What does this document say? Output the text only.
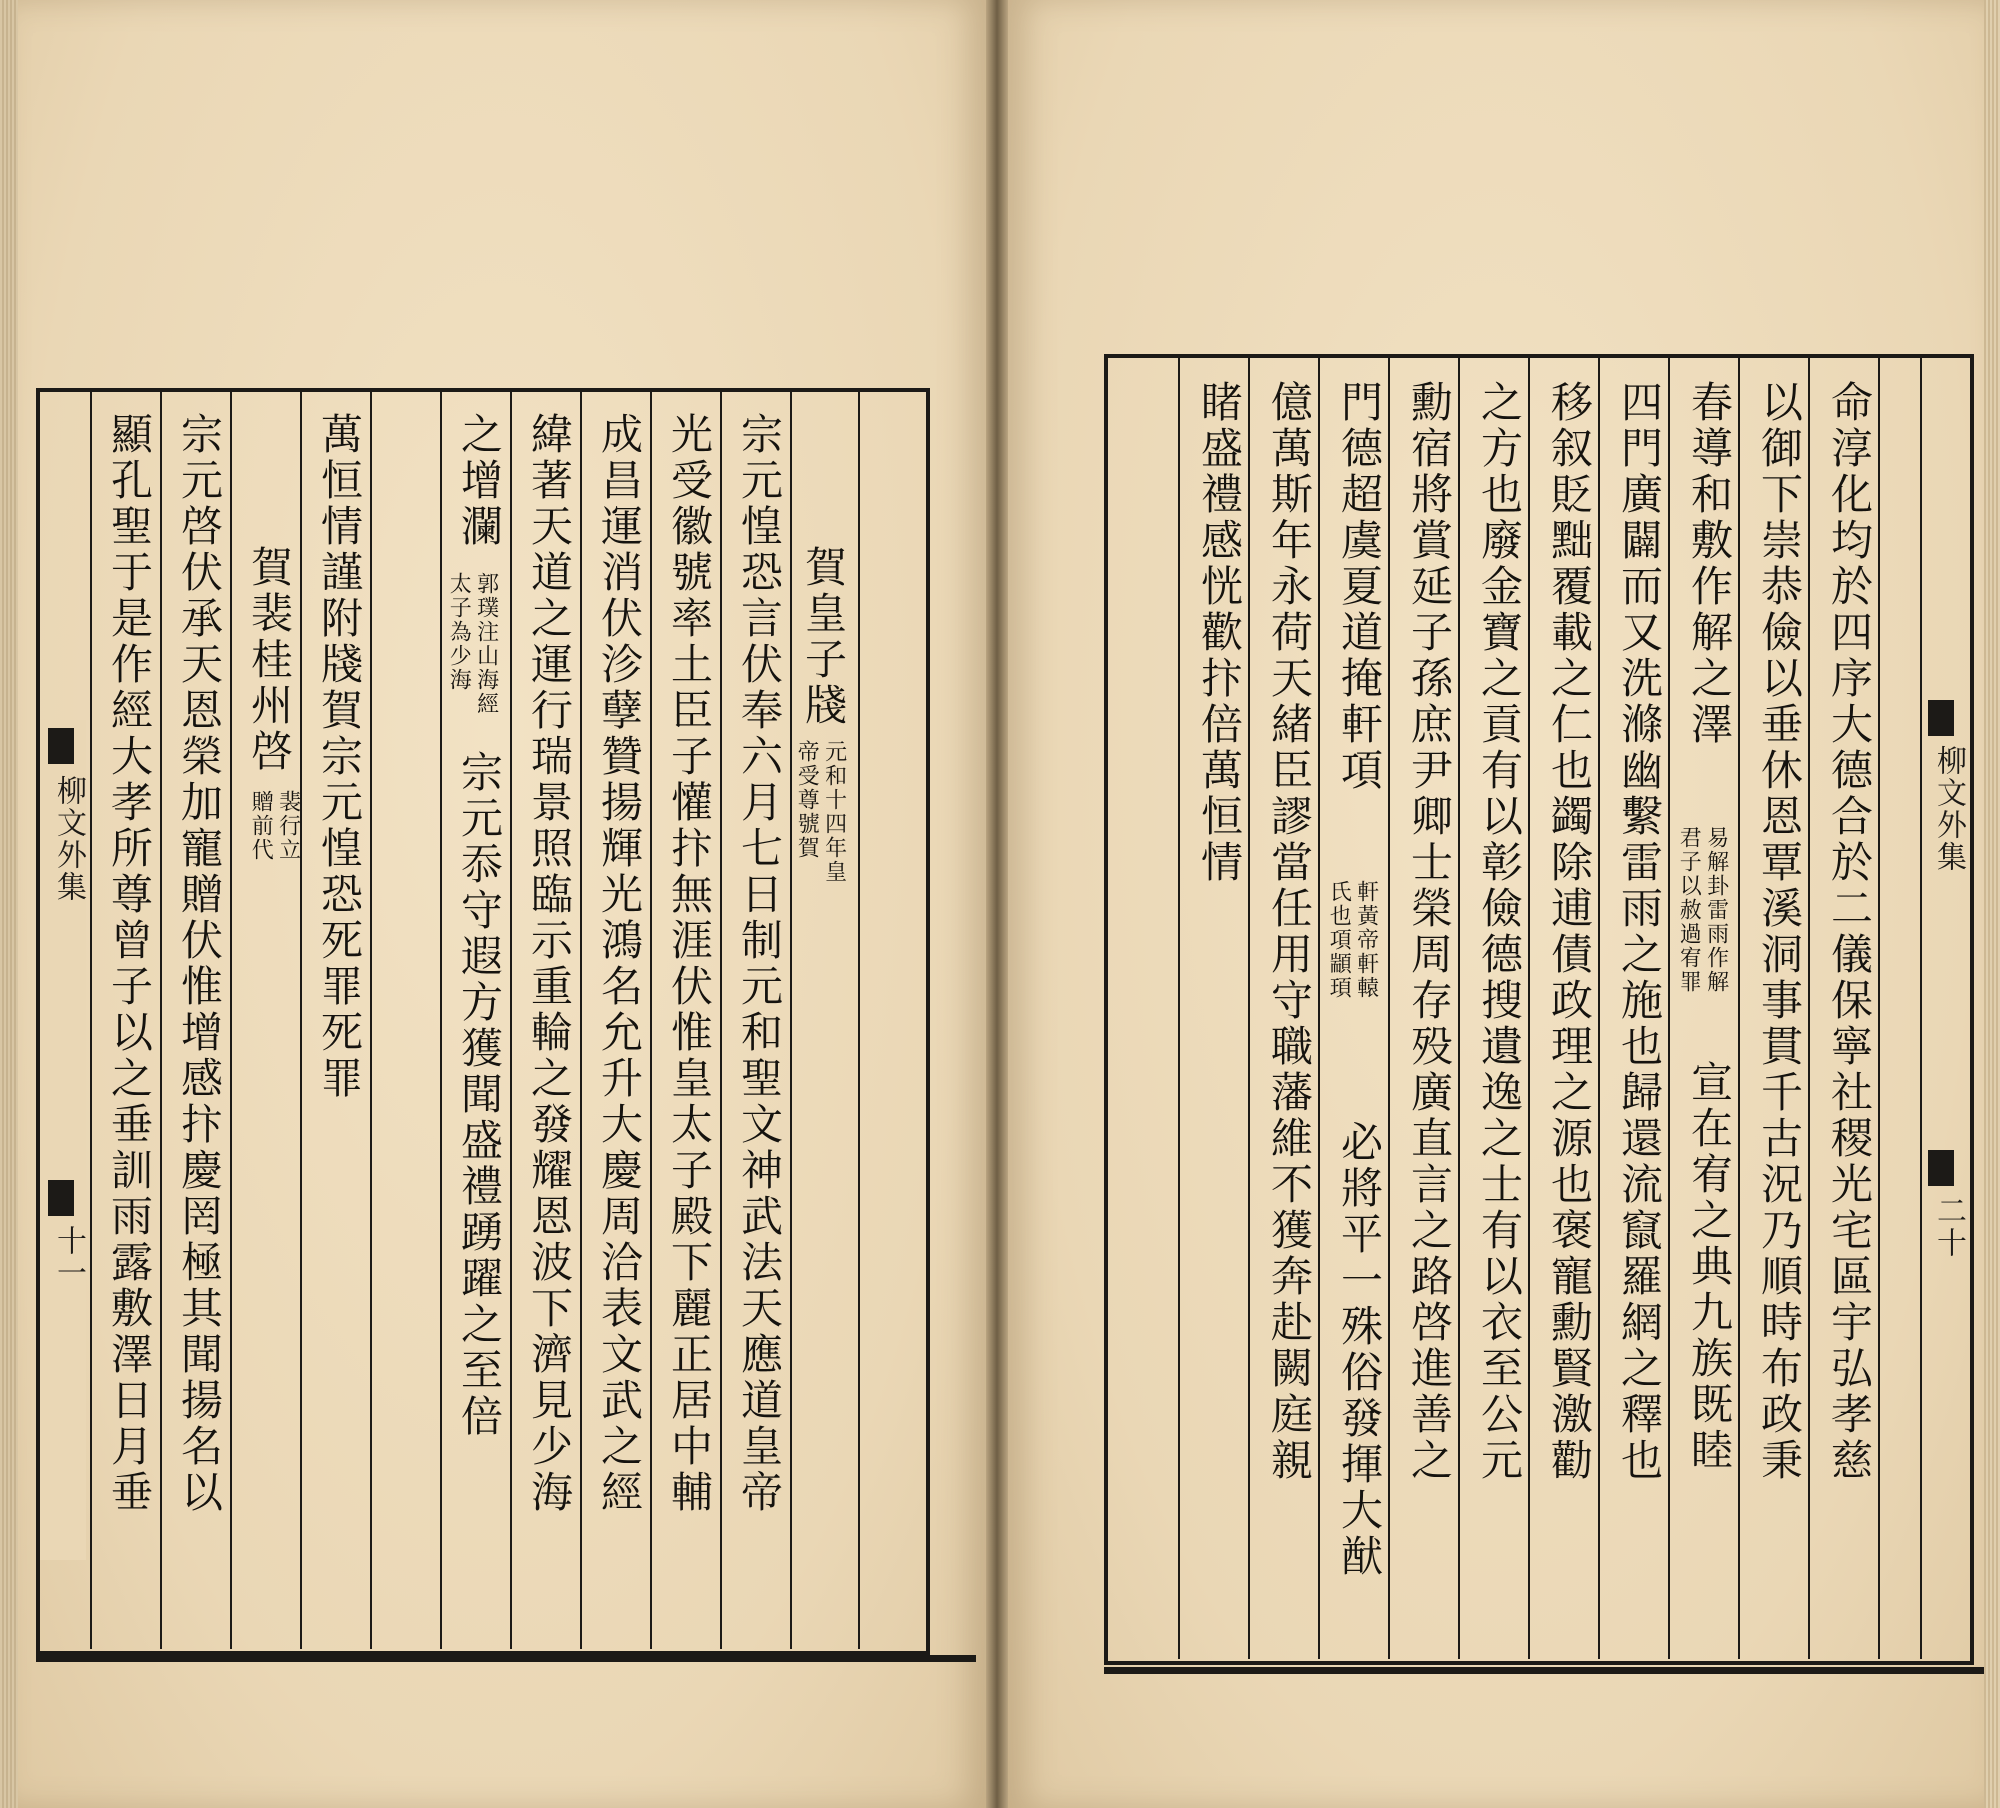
柳文外集
十一
賀皇子牋
元和十四年皇
帝受尊號賀
宗元惶恐言伏奉六月七日制元和聖文神武法天應道皇帝
光受徽號率土臣子懽抃無涯伏惟皇太子殿下麗正居中輔
成昌運消伏沴孽贊揚輝光鴻名允升大慶周洽表文武之經
緯著天道之運行瑞景照臨示重輪之發耀恩波下濟見少海
之增瀾
郭璞注山海經
太子為少海
宗元忝守遐方獲聞盛禮踴躍之至倍
萬恒情謹附牋賀宗元惶恐死罪死罪
賀裴桂州啓
裴行立
贈前代
宗元啓伏承天恩榮加寵贈伏惟增感抃慶罔極其聞揚名以
顯孔聖于是作經大孝所尊曾子以之垂訓雨露敷澤日月垂	柳文外集
二十
命淳化均於四序大德合於二儀保寧社稷光宅區宇弘孝慈
以御下崇恭儉以垂休恩覃溪洞事貫千古況乃順時布政秉
春導和敷作解之澤
易解卦雷雨作解
君子以赦過宥罪
宣在宥之典九族既睦
四門廣闢而又洗滌幽繫雷雨之施也歸還流竄羅網之釋也
移叙貶黜覆載之仁也蠲除逋債政理之源也褒寵勳賢激勸
之方也廢金寶之貢有以彰儉德搜遺逸之士有以衣至公元
勳宿將賞延子孫庶尹卿士榮周存殁廣直言之路啓進善之
門德超虞夏道掩軒項
軒黃帝軒轅
氏也項顓頊
必將平一殊俗發揮大猷
億萬斯年永荷天緒臣謬當任用守職藩維不獲奔赴闕庭親
睹盛禮感恍歡抃倍萬恒情
